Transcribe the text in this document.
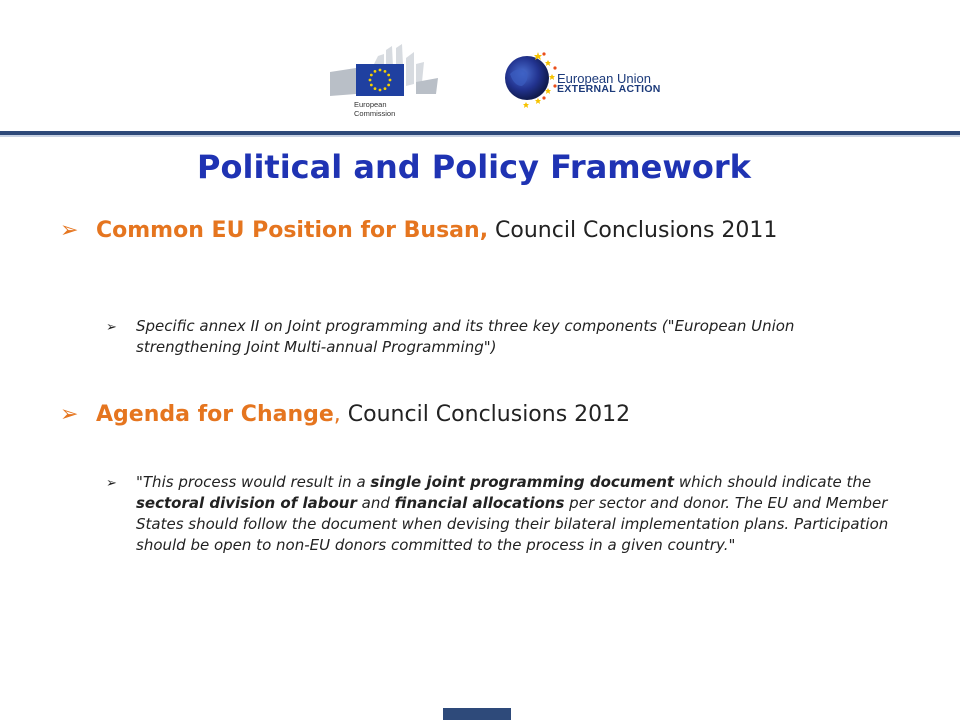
European
Commission
European Union
EXTERNAL ACTION
Political and Policy Framework
➢ Common EU Position for Busan, Council Conclusions 2011
➢	Specific annex II on Joint programming and its three key components ("European Union strengthening Joint Multi-annual Programming")
➢ Agenda for Change, Council Conclusions 2012
➢	"This process would result in a single joint programming document which should indicate the sectoral division of labour and financial allocations per sector and donor. The EU and Member States should follow the document when devising their bilateral implementation plans. Participation should be open to non-EU donors committed to the process in a given country."
